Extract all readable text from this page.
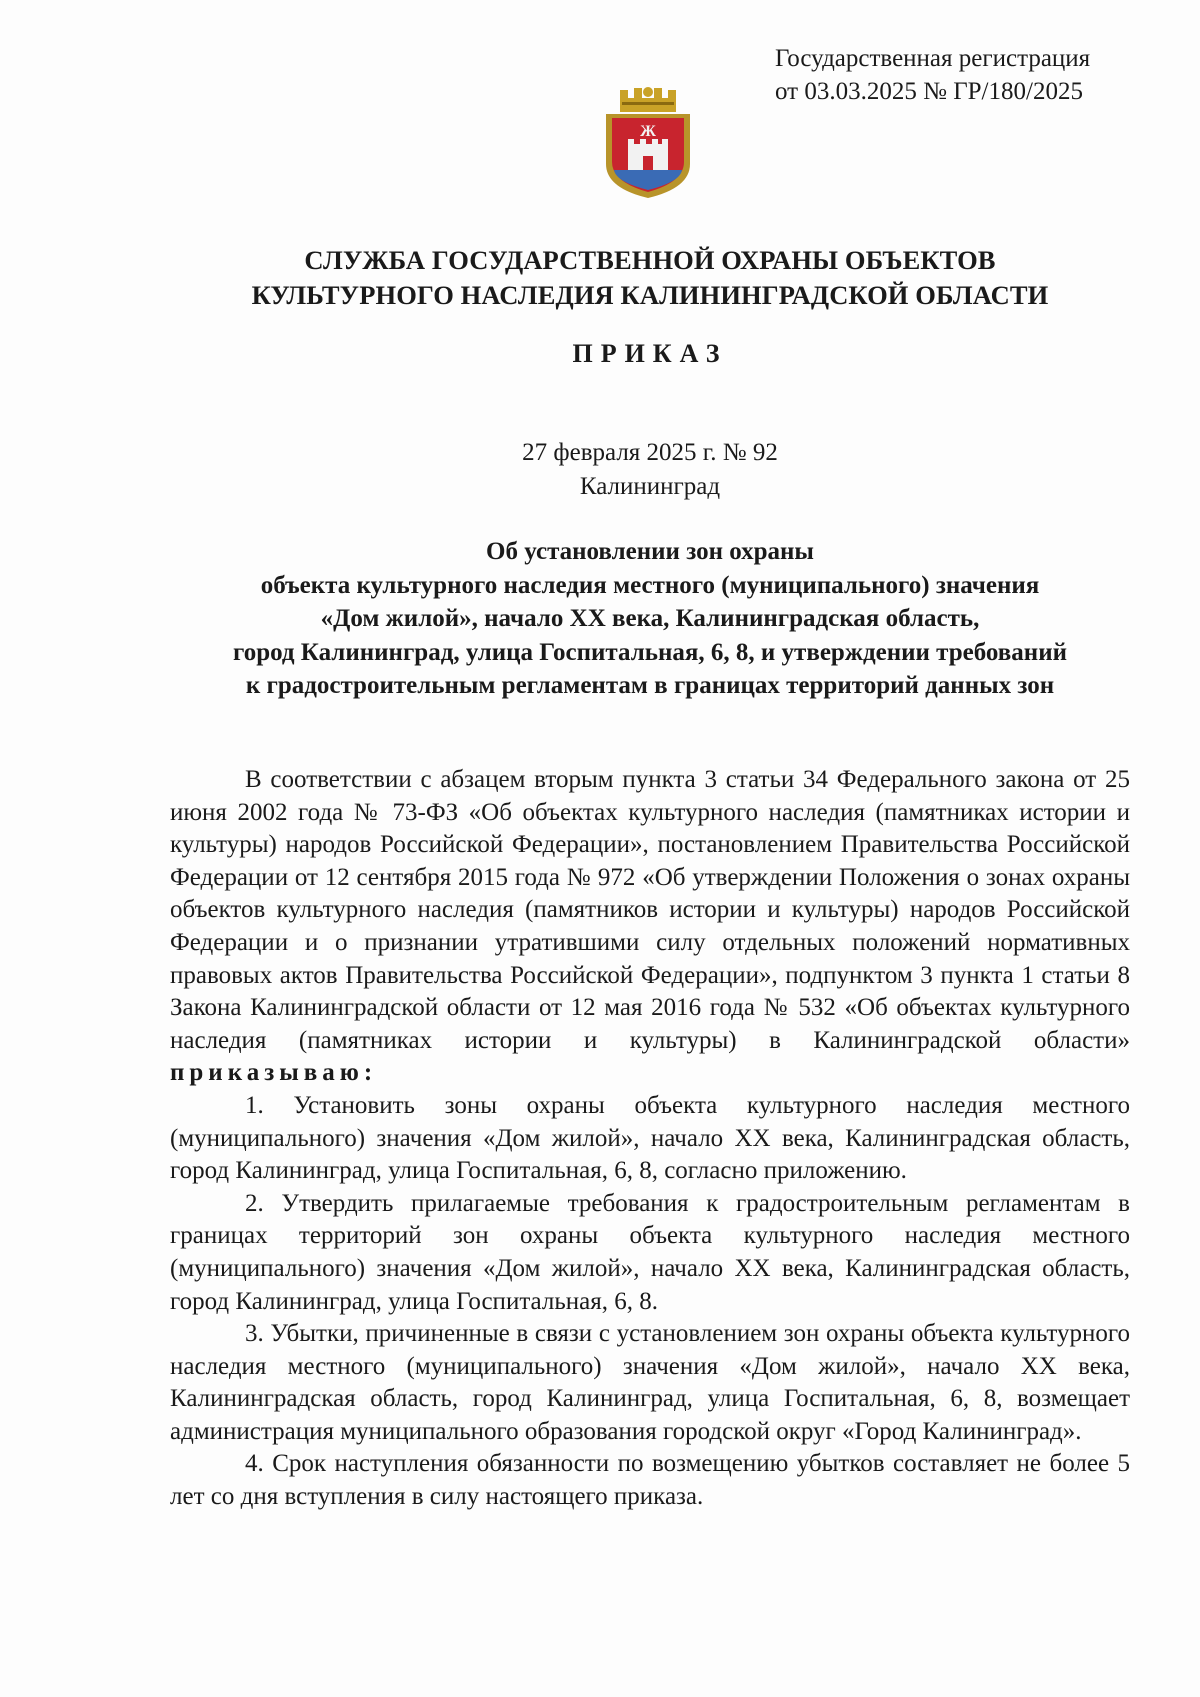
Государственная регистрация
от 03.03.2025 № ГР/180/2025
Ж
СЛУЖБА ГОСУДАРСТВЕННОЙ ОХРАНЫ ОБЪЕКТОВ
КУЛЬТУРНОГО НАСЛЕДИЯ КАЛИНИНГРАДСКОЙ ОБЛАСТИ
ПРИКАЗ
27 февраля 2025 г. № 92
Калининград
Об установлении зон охраны
объекта культурного наследия местного (муниципального) значения
«Дом жилой», начало XX века, Калининградская область,
город Калининград, улица Госпитальная, 6, 8, и утверждении требований
к градостроительным регламентам в границах территорий данных зон

В соответствии с абзацем вторым пункта 3 статьи 34 Федерального закона от 25 июня 2002 года № 73-ФЗ «Об объектах культурного наследия (памятниках истории и культуры) народов Российской Федерации», постановлением Правительства Российской Федерации от 12 сентября 2015 года № 972 «Об утверждении Положения о зонах охраны объектов культурного наследия (памятников истории и культуры) народов Российской Федерации и о признании утратившими силу отдельных положений нормативных правовых актов Правительства Российской Федерации», подпунктом 3 пункта 1 статьи 8 Закона Калининградской области от 12 мая 2016 года № 532 «Об объектах культурного наследия (памятниках истории и культуры) в Калининградской области» приказываю:

1. Установить зоны охраны объекта культурного наследия местного (муниципального) значения «Дом жилой», начало XX века, Калининградская область, город Калининград, улица Госпитальная, 6, 8, согласно приложению.

2. Утвердить прилагаемые требования к градостроительным регламентам в границах территорий зон охраны объекта культурного наследия местного (муниципального) значения «Дом жилой», начало XX века, Калининградская область, город Калининград, улица Госпитальная, 6, 8.

3. Убытки, причиненные в связи с установлением зон охраны объекта культурного наследия местного (муниципального) значения «Дом жилой», начало XX века, Калининградская область, город Калининград, улица Госпитальная, 6, 8, возмещает администрация муниципального образования городской округ «Город Калининград».

4. Срок наступления обязанности по возмещению убытков составляет не более 5 лет со дня вступления в силу настоящего приказа.
